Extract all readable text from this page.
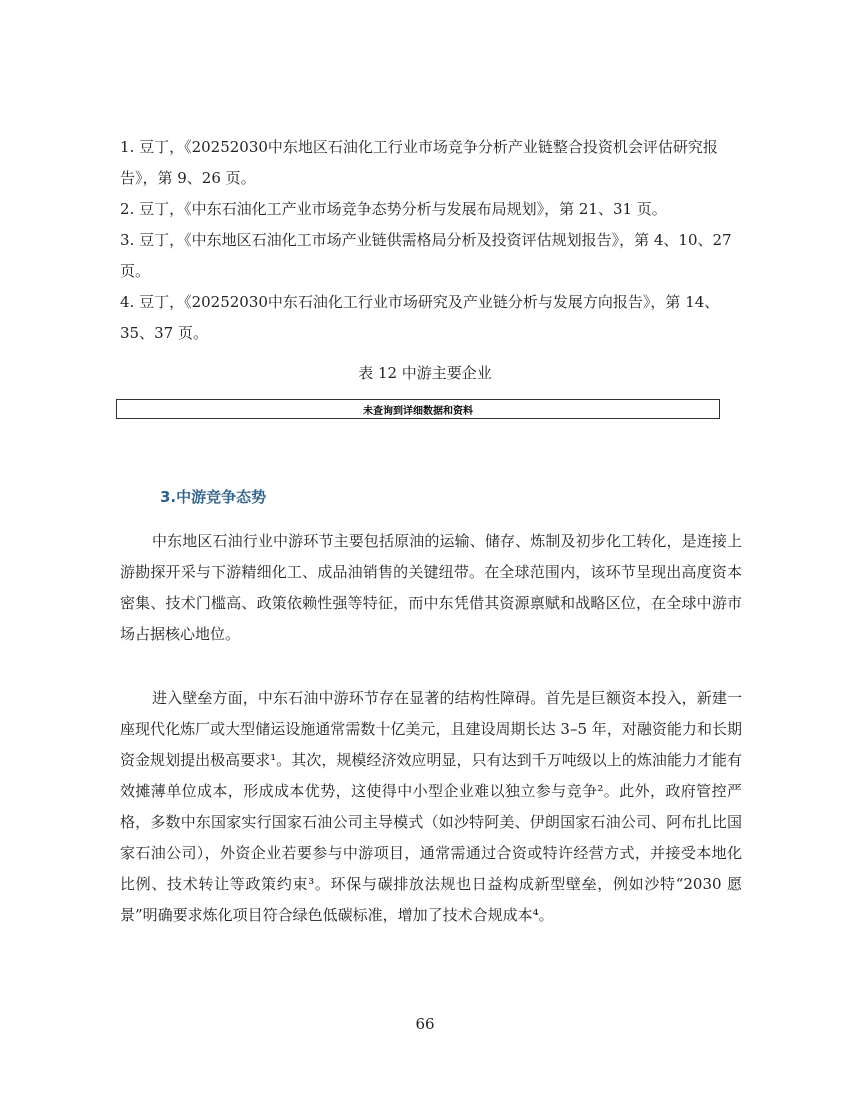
1. 豆丁，《20252030中东地区石油化工行业市场竞争分析产业链整合投资机会评估研究报告》，第 9、26 页。
2. 豆丁，《中东石油化工产业市场竞争态势分析与发展布局规划》，第 21、31 页。
3. 豆丁，《中东地区石油化工市场产业链供需格局分析及投资评估规划报告》，第 4、10、27 页。
4. 豆丁，《20252030中东石油化工行业市场研究及产业链分析与发展方向报告》，第 14、35、37 页。
表 12 中游主要企业
未查询到详细数据和资料
3.中游竞争态势
中东地区石油行业中游环节主要包括原油的运输、储存、炼制及初步化工转化，是连接上游勘探开采与下游精细化工、成品油销售的关键纽带。在全球范围内，该环节呈现出高度资本密集、技术门槛高、政策依赖性强等特征，而中东凭借其资源禀赋和战略区位，在全球中游市场占据核心地位。
进入壁垒方面，中东石油中游环节存在显著的结构性障碍。首先是巨额资本投入，新建一座现代化炼厂或大型储运设施通常需数十亿美元，且建设周期长达 3–5 年，对融资能力和长期资金规划提出极高要求¹。其次，规模经济效应明显，只有达到千万吨级以上的炼油能力才能有效摊薄单位成本，形成成本优势，这使得中小型企业难以独立参与竞争²。此外，政府管控严格，多数中东国家实行国家石油公司主导模式（如沙特阿美、伊朗国家石油公司、阿布扎比国家石油公司），外资企业若要参与中游项目，通常需通过合资或特许经营方式，并接受本地化比例、技术转让等政策约束³。环保与碳排放法规也日益构成新型壁垒，例如沙特“2030 愿景”明确要求炼化项目符合绿色低碳标准，增加了技术合规成本⁴。
66
